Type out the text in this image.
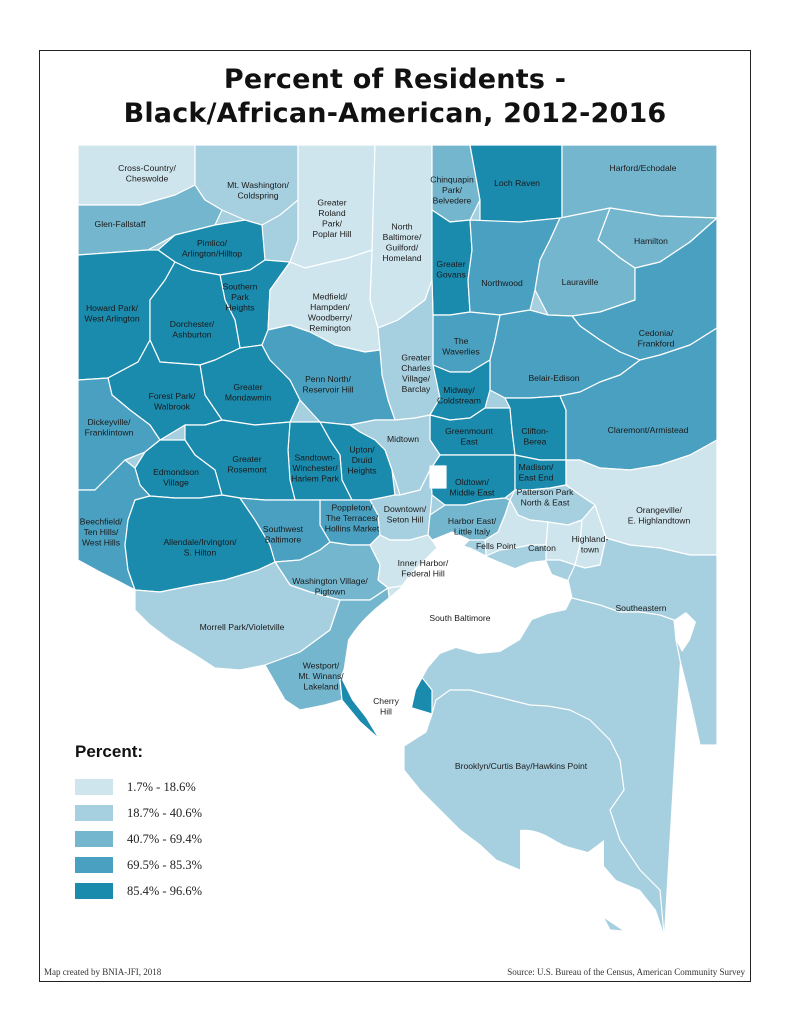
Percent of Residents -
Black/African-American, 2012-2016
Cross-Country/ Cheswolde
Mt. Washington/ Coldspring
Greater Roland Park/ Poplar Hill
North Baltimore/ Guilford/ Homeland
Chinquapin Park/ Belvedere
Loch Raven
Harford/Echodale
Glen-Fallstaff
Pimlico/ Arlington/Hilltop
Hamilton
Greater Govans
Northwood	Lauraville
Howard Park/ West Arlington
Southern Park Heights
Medfield/ Hampden/ Woodberry/ Remington
Dorchester/ Ashburton	Cedonia/ Frankford
The Waverlies
Greater Charles Village/ Barclay
Greater Mondawmin
Penn North/ Reservoir Hill
Belair-Edison
Forest Park/ Walbrook
Midway/ Coldstream
Dickeyville/ Franklintown	Greenmount East
Clifton-Berea
Claremont/Armistead
Midtown
Upton/ Druid Heights
Sandtown-Winchester/ Harlem Park
Greater Rosemont
Edmondson Village	Oldtown/ Middle East
Madison/ East End
Orangeville/ E. Highlandtown
Poppleton/ The Terraces/ Hollins Market
Downtown/ Seton Hill
Patterson Park North & East
Beechfield/ Ten Hills/ West Hills	Allendale/Irvington/ S. Hilton
Southwest Baltimore
Harbor East/ Little Italy
Fells Point Canton
Highland-town
Inner Harbor/ Federal Hill
Washington Village/ Pigtown
Southeastern
Morrell Park/Violetville
South Baltimore
Westport/ Mt. Winans/ Lakeland
Cherry Hill
Brooklyn/Curtis Bay/Hawkins Point
Percent:
1.7% - 18.6%
18.7% - 40.6%
40.7% - 69.4%
69.5% - 85.3%
85.4% - 96.6%
Map created by BNIA-JFI, 2018	Source: U.S. Bureau of the Census, American Community Survey
